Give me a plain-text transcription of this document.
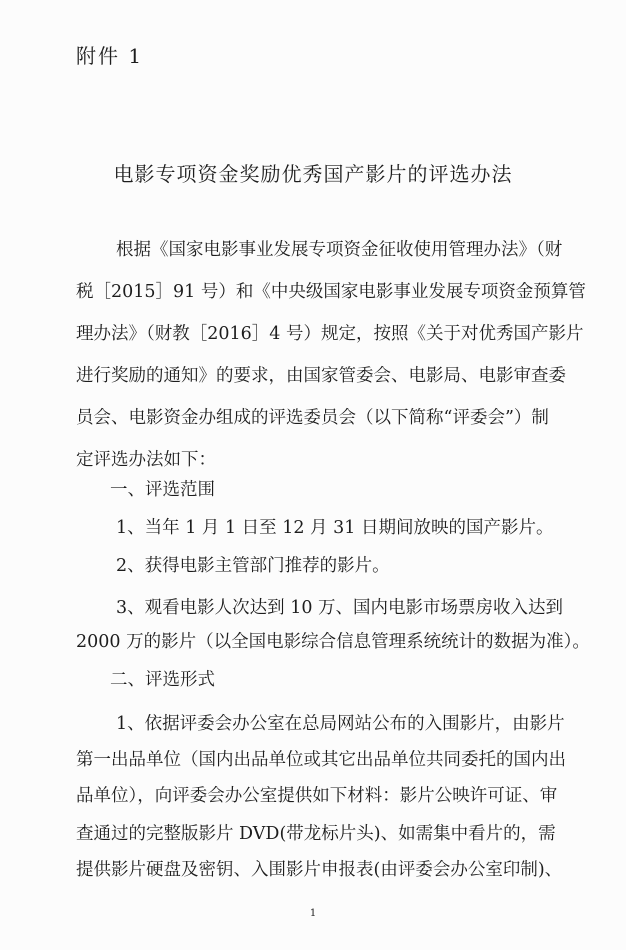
附件 1
电影专项资金奖励优秀国产影片的评选办法
根据《国家电影事业发展专项资金征收使用管理办法》（财
税［2015］91 号）和《中央级国家电影事业发展专项资金预算管
理办法》（财教［2016］4 号）规定，按照《关于对优秀国产影片
进行奖励的通知》的要求，由国家管委会、电影局、电影审查委
员会、电影资金办组成的评选委员会（以下简称“评委会”）制
定评选办法如下：
一、评选范围
1、当年 1 月 1 日至 12 月 31 日期间放映的国产影片。
2、获得电影主管部门推荐的影片。
3、观看电影人次达到 10 万、国内电影市场票房收入达到
2000 万的影片（以全国电影综合信息管理系统统计的数据为准）。
二、评选形式
1、依据评委会办公室在总局网站公布的入围影片，由影片
第一出品单位（国内出品单位或其它出品单位共同委托的国内出
品单位），向评委会办公室提供如下材料：影片公映许可证、审
查通过的完整版影片 DVD(带龙标片头)、如需集中看片的，需
提供影片硬盘及密钥、入围影片申报表(由评委会办公室印制)、
1
